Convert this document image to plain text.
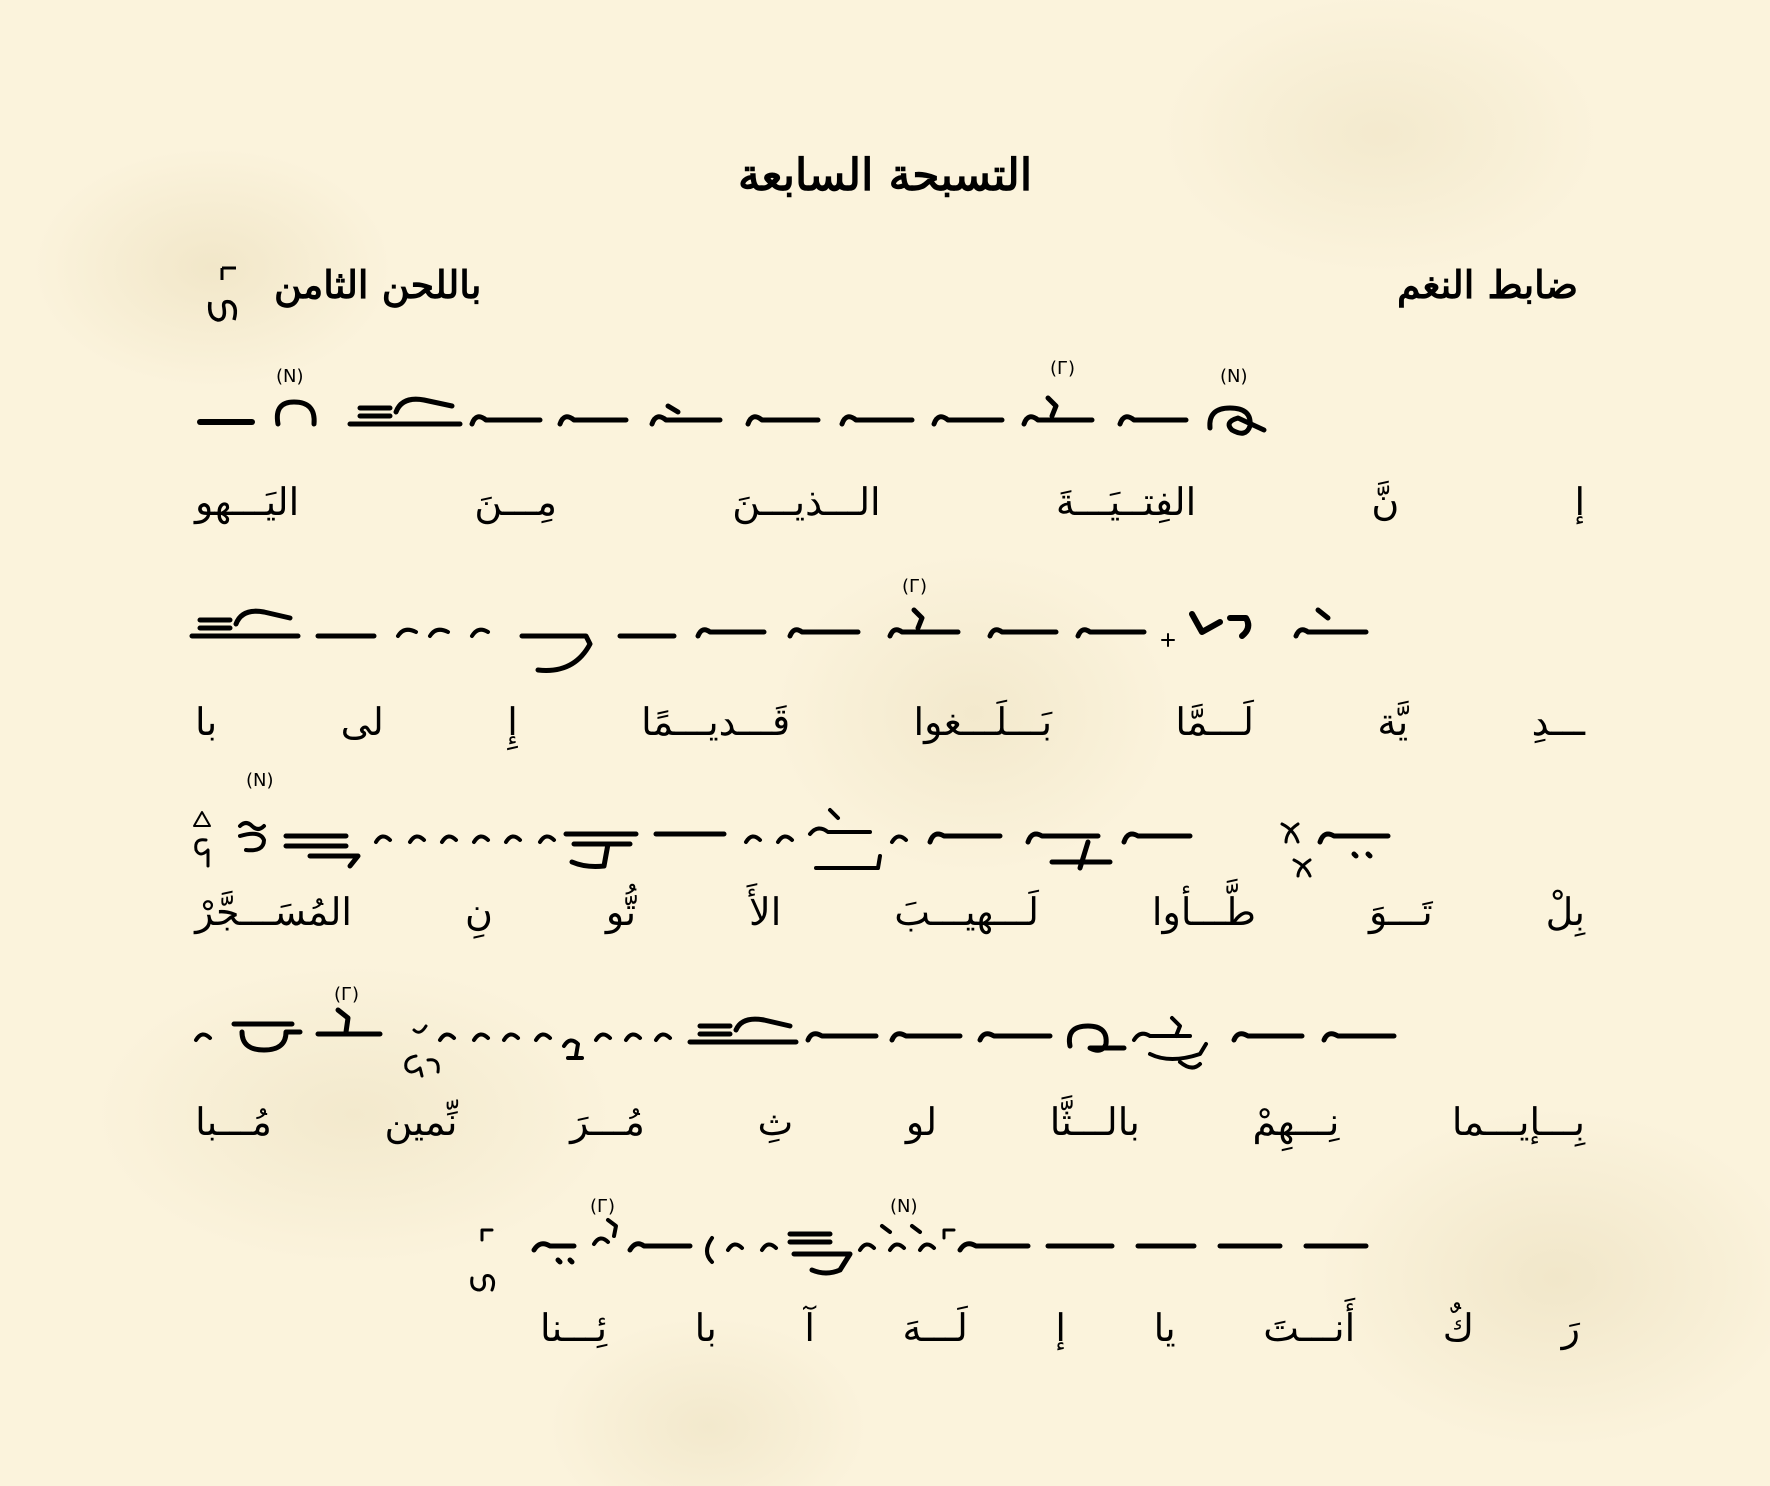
التسبحة السابعة
ضابط النغم
باللحن الثامن
(N)	(Г)	(N)
إ
نَّ
الفِتــيَـــةَ
الـــذيـــنَ
مِـــنَ
اليَـــهو
(Г)
ـــدِ
يَّة
لَـــمَّا
بَـــلَـــغوا
قَـــديـــمًا
إِ
لى
با
(N)
بِلْ
تَـــوَ
طَّـــأوا
لَـــهيـــبَ
الأَ
تُّو
نِ
المُسَـــجَّرْ
(Г)
بِـــإيـــما
نِـــهِمْ
بالـــثَّا
لو
ثِ
مُـــرَ
نِّمين
مُـــبا
(Г)	(N)
رَ
كٌ
أَنـــتَ
يا
إ
لَـــهَ
آ
با
ئِـــنا
